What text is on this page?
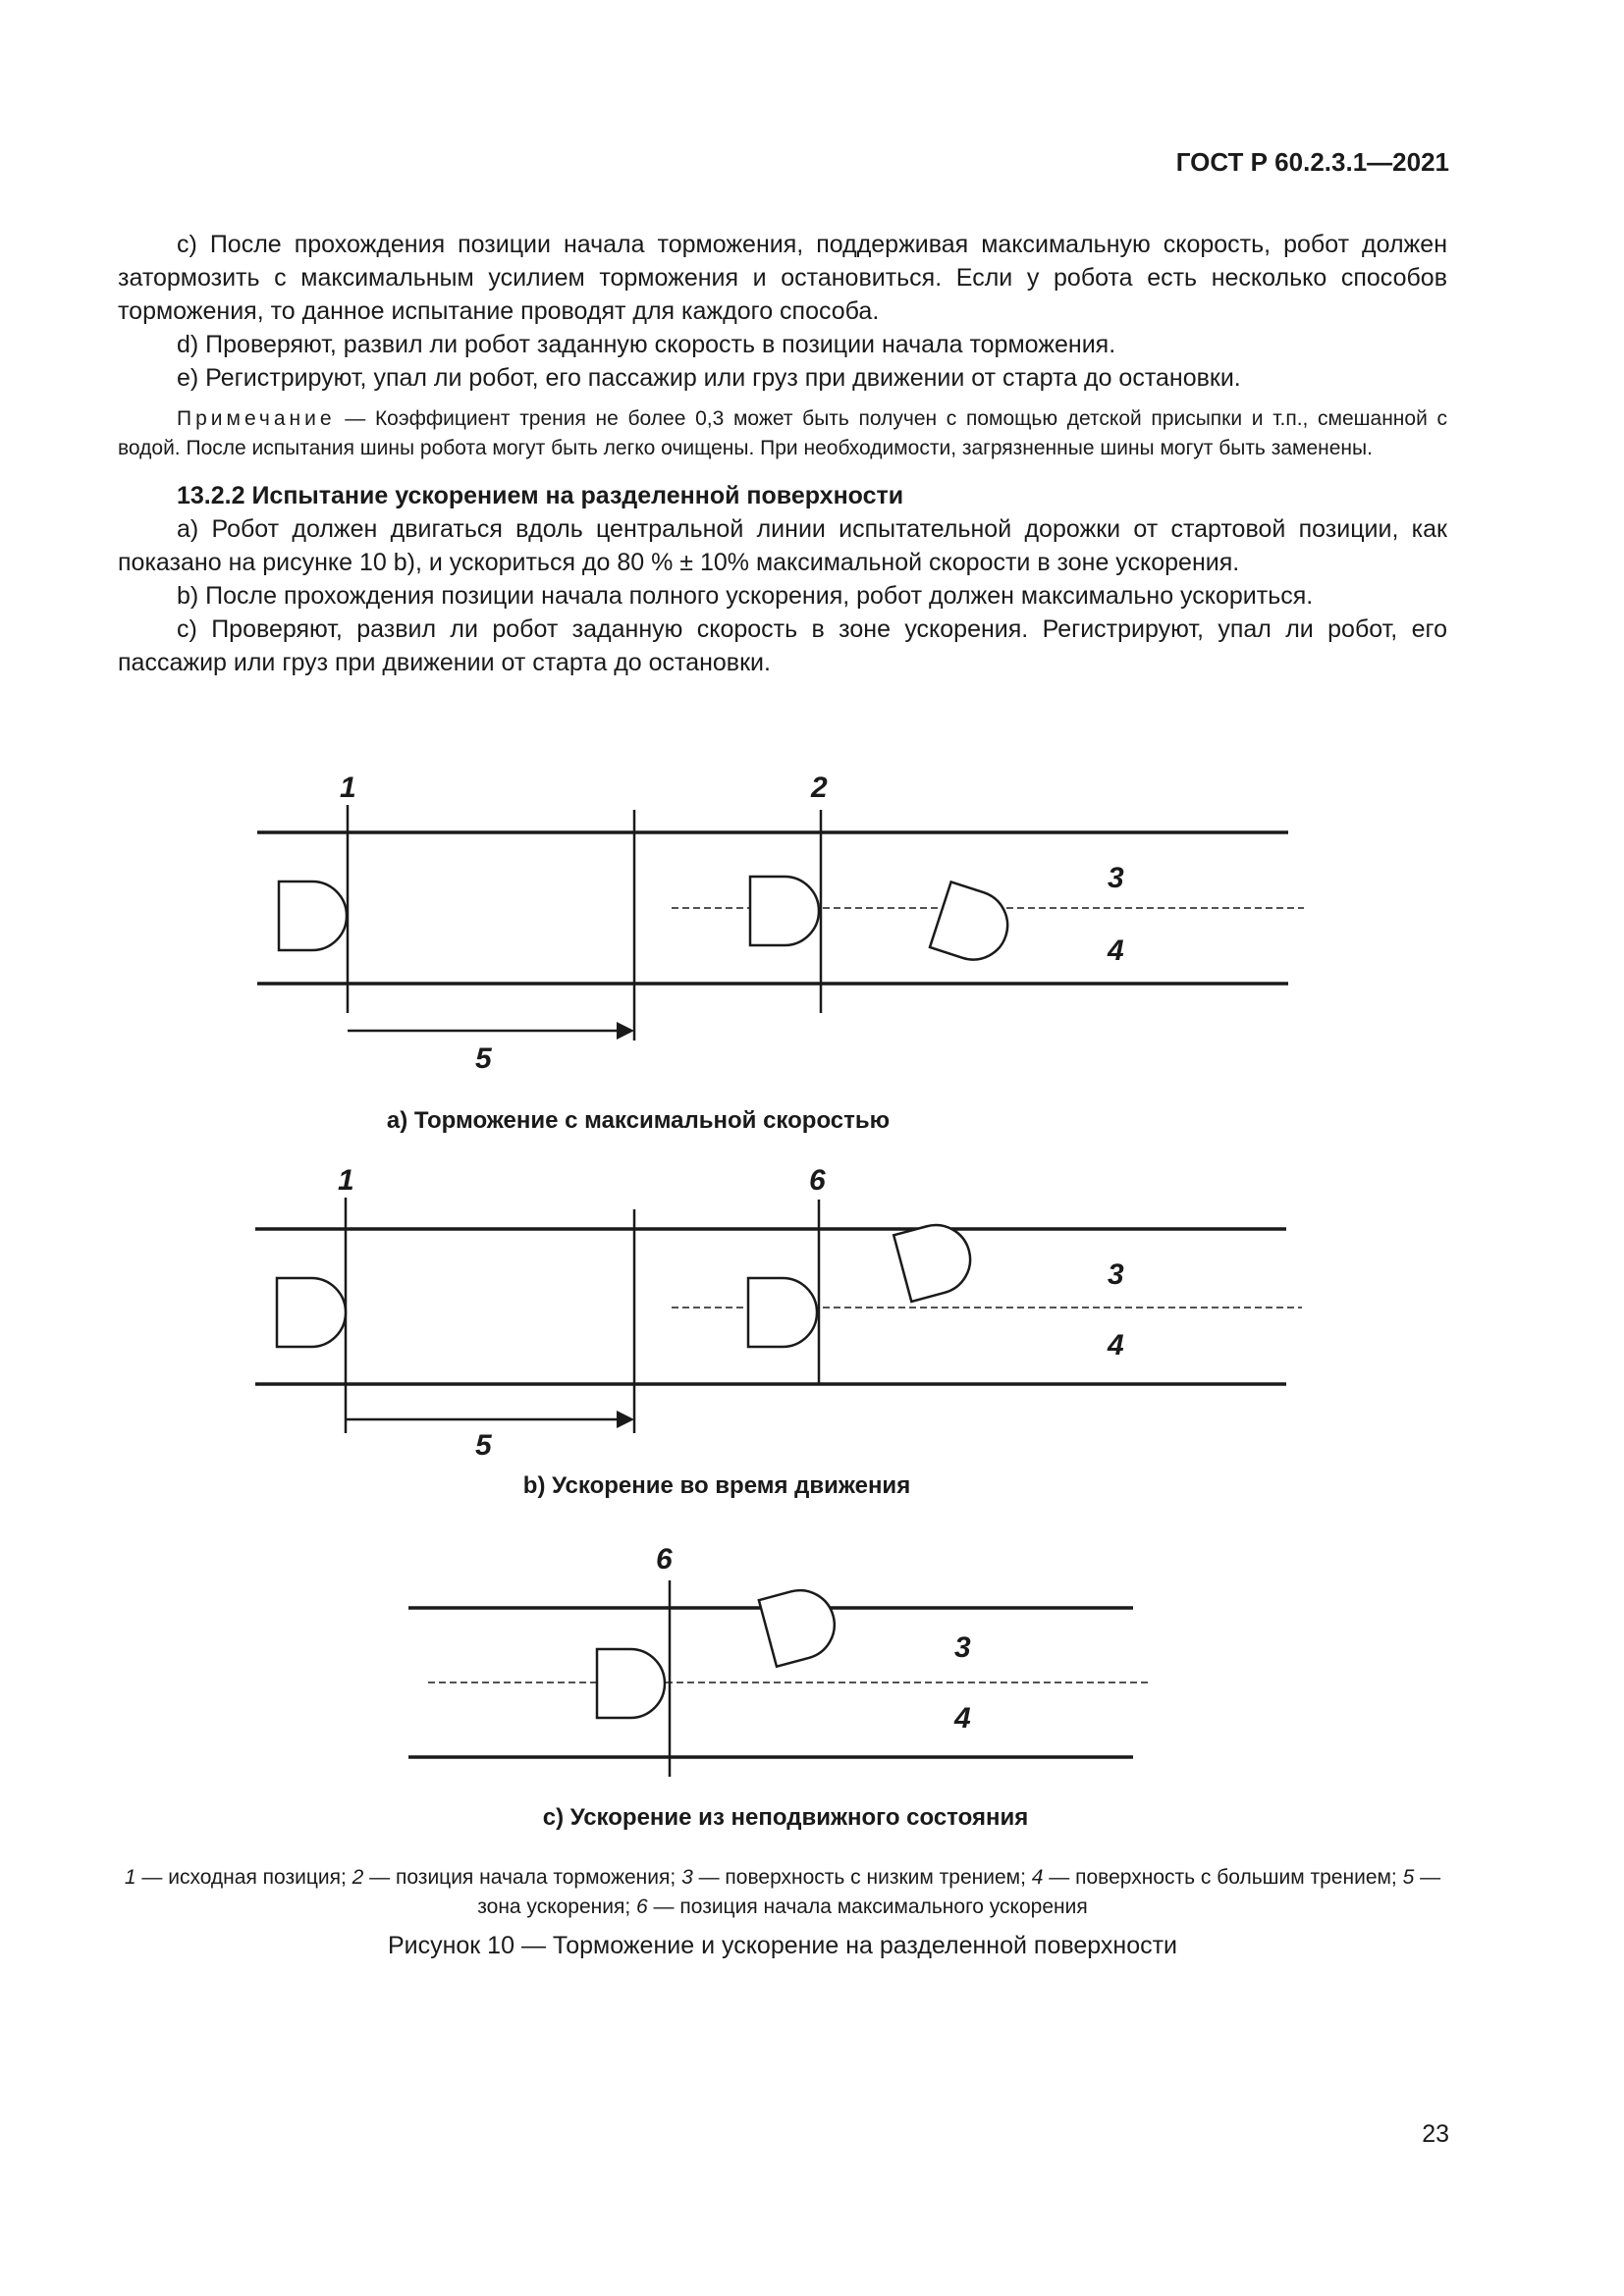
ГОСТ Р 60.2.3.1—2021

c) После прохождения позиции начала торможения, поддерживая максимальную скорость, робот должен затормозить с максимальным усилием торможения и остановиться. Если у робота есть несколько способов торможения, то данное испытание проводят для каждого способа.

d) Проверяют, развил ли робот заданную скорость в позиции начала торможения.

e) Регистрируют, упал ли робот, его пассажир или груз при движении от старта до остановки.

Примечание — Коэффициент трения не более 0,3 может быть получен с помощью детской присыпки и т.п., смешанной с водой. После испытания шины робота могут быть легко очищены. При необходимости, загрязненные шины могут быть заменены.

13.2.2 Испытание ускорением на разделенной поверхности

a) Робот должен двигаться вдоль центральной линии испытательной дорожки от стартовой позиции, как показано на рисунке 10 b), и ускориться до 80 % ± 10% максимальной скорости в зоне ускорения.

b) После прохождения позиции начала полного ускорения, робот должен максимально ускориться.

c) Проверяют, развил ли робот заданную скорость в зоне ускорения. Регистрируют, упал ли робот, его пассажир или груз при движении от старта до остановки.

1	2
3
4
5
a) Торможение с максимальной скоростью
1	6
3
4
5
b) Ускорение во время движения
6
3
4
c) Ускорение из неподвижного состояния
1 — исходная позиция; 2 — позиция начала торможения; 3 — поверхность с низким трением; 4 — поверхность с большим трением; 5 — зона ускорения; 6 — позиция начала максимального ускорения
Рисунок 10 — Торможение и ускорение на разделенной поверхности
23
